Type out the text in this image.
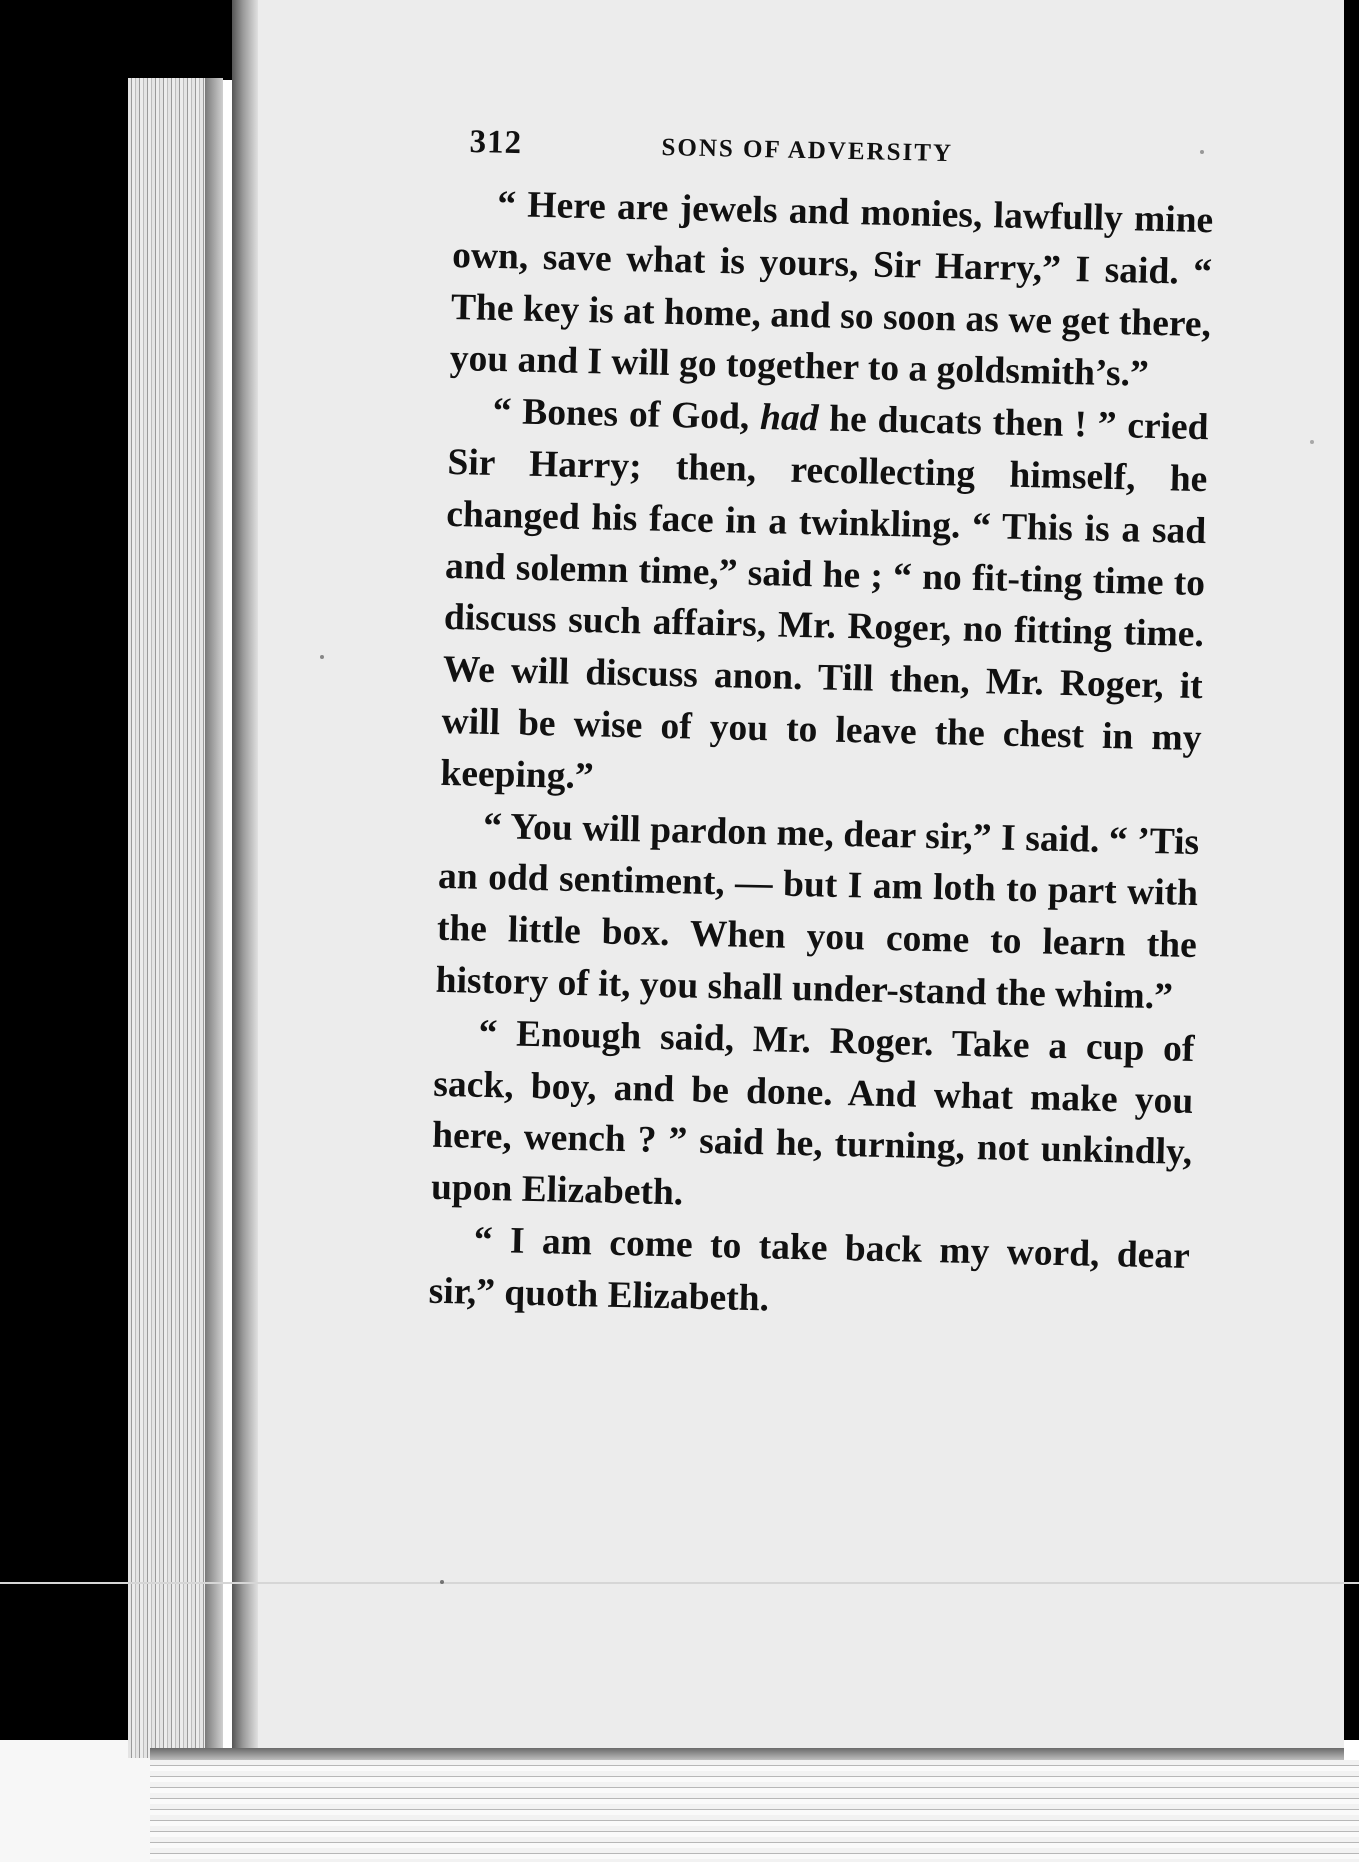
312	SONS OF ADVERSITY

“ Here are jewels and monies, lawfully mine own, save what is yours, Sir Harry,” I said. “ The key is at home, and so soon as we get there, you and I will go together to a goldsmith’s.”

“ Bones of God, had he ducats then ! ” cried Sir Harry; then, recollecting himself, he changed his face in a twinkling. “ This is a sad and solemn time,” said he ; “ no fit-ting time to discuss such affairs, Mr. Roger, no fitting time. We will discuss anon. Till then, Mr. Roger, it will be wise of you to leave the chest in my keeping.”

“ You will pardon me, dear sir,” I said. “ ’Tis an odd sentiment, — but I am loth to part with the little box. When you come to learn the history of it, you shall under-stand the whim.”

“ Enough said, Mr. Roger. Take a cup of sack, boy, and be done. And what make you here, wench ? ” said he, turning, not unkindly, upon Elizabeth.

“ I am come to take back my word, dear sir,” quoth Elizabeth.
